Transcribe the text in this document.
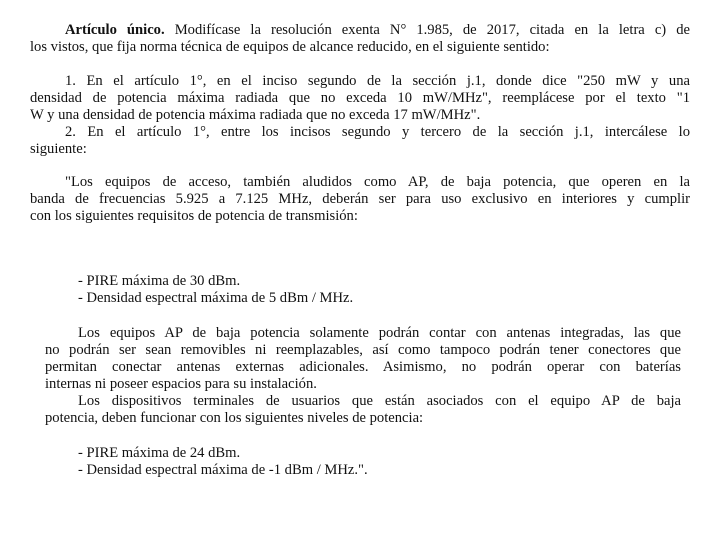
Artículo único. Modifícase la resolución exenta N° 1.985, de 2017, citada en la letra c) de
los vistos, que fija norma técnica de equipos de alcance reducido, en el siguiente sentido:
1. En el artículo 1°, en el inciso segundo de la sección j.1, donde dice "250 mW y una
densidad de potencia máxima radiada que no exceda 10 mW/MHz", reemplácese por el texto "1
W y una densidad de potencia máxima radiada que no exceda 17 mW/MHz".
2. En el artículo 1°, entre los incisos segundo y tercero de la sección j.1, intercálese lo
siguiente:
"Los equipos de acceso, también aludidos como AP, de baja potencia, que operen en la
banda de frecuencias 5.925 a 7.125 MHz, deberán ser para uso exclusivo en interiores y cumplir
con los siguientes requisitos de potencia de transmisión:
- PIRE máxima de 30 dBm.
- Densidad espectral máxima de 5 dBm / MHz.
Los equipos AP de baja potencia solamente podrán contar con antenas integradas, las que
no podrán ser sean removibles ni reemplazables, así como tampoco podrán tener conectores que
permitan conectar antenas externas adicionales. Asimismo, no podrán operar con baterías
internas ni poseer espacios para su instalación.
Los dispositivos terminales de usuarios que están asociados con el equipo AP de baja
potencia, deben funcionar con los siguientes niveles de potencia:
- PIRE máxima de 24 dBm.
- Densidad espectral máxima de -1 dBm / MHz.".
